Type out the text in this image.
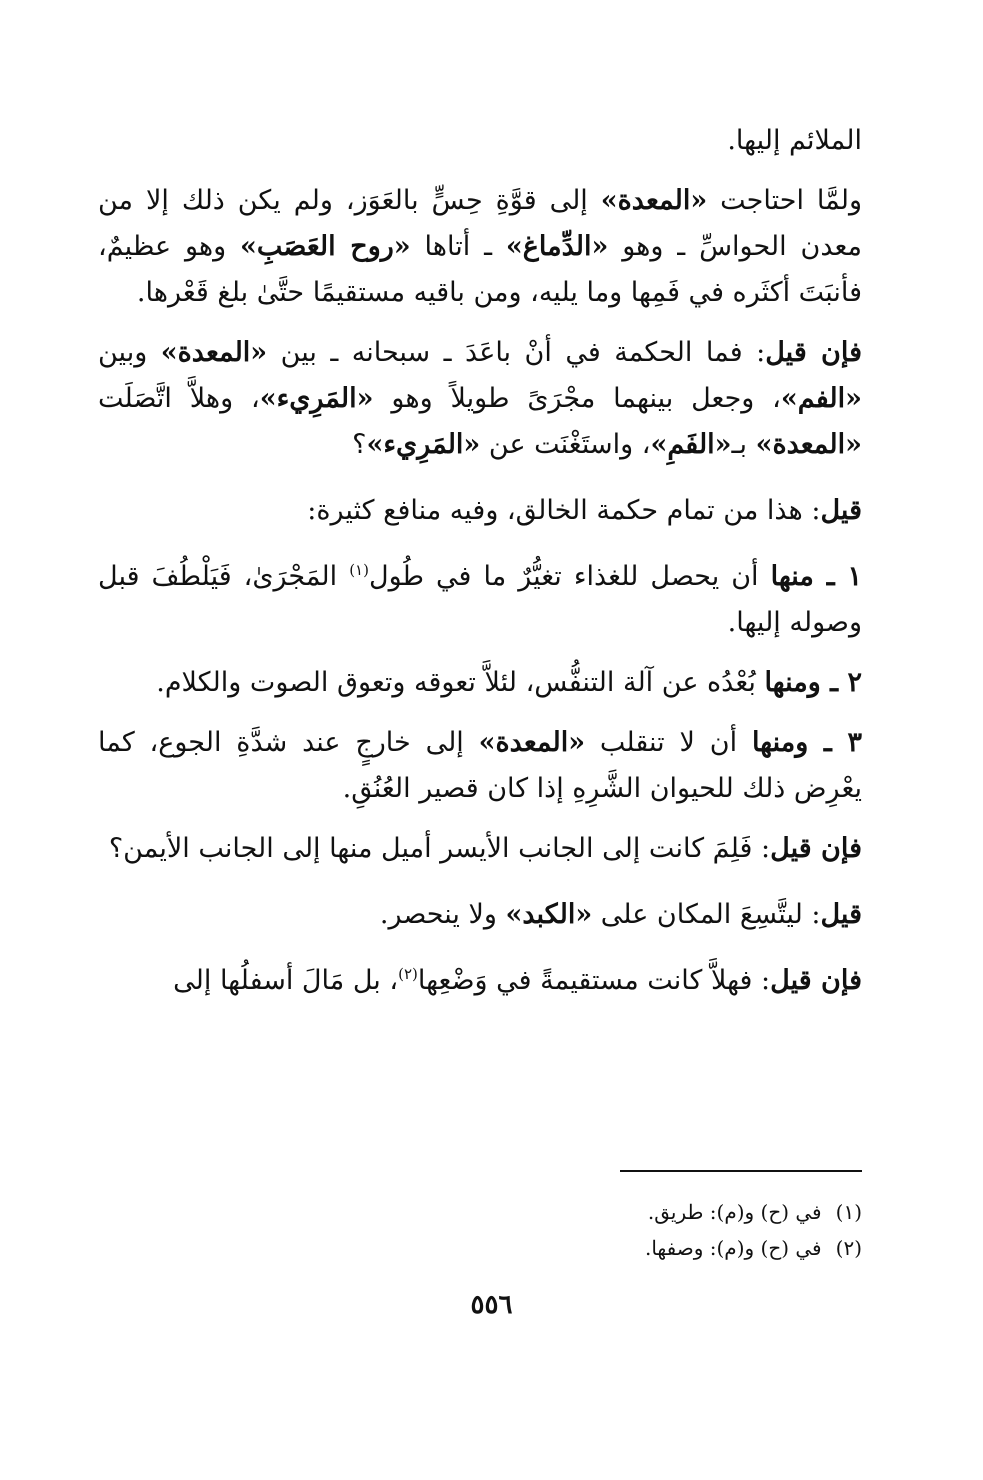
الملائم إليها.

ولمَّا احتاجت «المعدة» إلى قوَّةِ حِسٍّ بالعَوَز، ولم يكن ذلك إلا من معدن الحواسِّ ـ وهو «الدِّماغ» ـ أتاها «روح العَصَبِ» وهو عظيمٌ، فأنبَتَ أكثَره في فَمِها وما يليه، ومن باقيه مستقيمًا حتَّىٰ بلغ قَعْرها.

فإن قيل: فما الحكمة في أنْ باعَدَ ـ سبحانه ـ بين «المعدة» وبين «الفم»، وجعل بينهما مجْرَىً طويلاً وهو «المَرِيء»، وهلاَّ اتَّصَلَت «المعدة» بـ«الفَمِ»، واستَغْنَت عن «المَرِيء»؟

قيل: هذا من تمام حكمة الخالق، وفيه منافع كثيرة:

١ ـ منها أن يحصل للغذاء تغيُّرٌ ما في طُول$^{(١)}$ المَجْرَىٰ، فَيَلْطُفَ قبل وصوله إليها.

٢ ـ ومنها بُعْدُه عن آلة التنفُّس، لئلاَّ تعوقه وتعوق الصوت والكلام.

٣ ـ ومنها أن لا تنقلب «المعدة» إلى خارجٍ عند شدَّةِ الجوع، كما يعْرِض ذلك للحيوان الشَّرِهِ إذا كان قصير العُنُقِ.

فإن قيل: فَلِمَ كانت إلى الجانب الأيسر أميل منها إلى الجانب الأيمن؟

قيل: ليتَّسِعَ المكان على «الكبد» ولا ينحصر.

فإن قيل: فهلاَّ كانت مستقيمةً في وَضْعِها$^{(٢)}$، بل مَالَ أسفلُها إلى

(١)
في (ح) و(م): طريق.
(٢)
في (ح) و(م): وصفها.
٥٥٦
